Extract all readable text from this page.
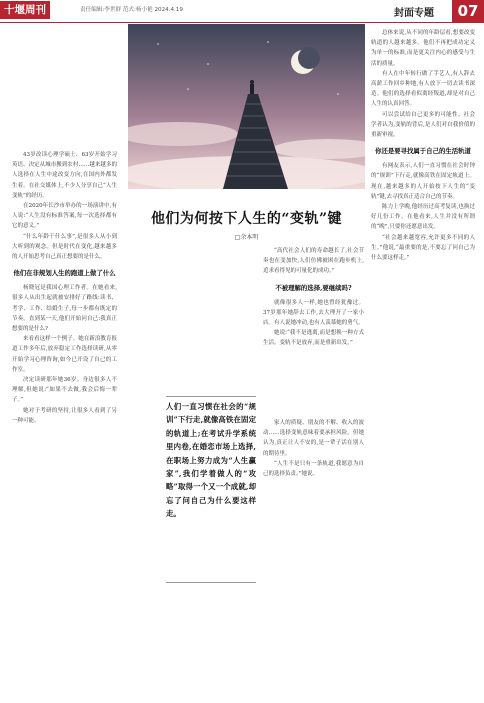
十堰周刊	责任编辑:李世群 范式:杨小艳 2024.4.19	封面专题	07
他们为何按下人生的“变轨”键
□余本明
人们一直习惯在社会的“规训”下行走,就像高铁在固定的轨道上;在考试升学系统里内卷,在婚恋市场上选择,在职场上努力成为“人生赢家”,我们学着做人的“攻略”取得一个又一个成就,却忘了问自己为什么要这样走。

43岁改读心理学硕士、63岁开始学习英语、决定从城市搬到农村……越来越多的人选择在人生中途改变方向,在国内外都发生着。在社交媒体上,不少人分享自己“人生变轨”的经历。

在2020年长沙市举办的一场演讲中,有人说:“人生没有标准答案,每一次选择都有它的意义。”

“什么年龄干什么事”,是很多人从小到大听到的观念。但是时代在变化,越来越多的人开始思考自己真正想要的是什么。

他们在非规划人生的跑道上做了什么

杨晓冠是我国心理工作者。在她看来,很多人从出生起就被安排好了路线:读书、考学、工作、结婚生子,每一步都有既定的节奏。直到某一天,他们开始问自己:我真正想要的是什么?

来看看这样一个例子。她在新浪教育报道工作多年后,放弃稳定工作选择读研,从零开始学习心理咨询,如今已开设了自己的工作室。

决定读研那年她36岁。身边很多人不理解,但她说:“如果不去做,我会后悔一辈子。”

她对于考研的坚持,让很多人看到了另一种可能。

“高代社会人们的寿命越长了,社会节奏也在变加快,人们仿佛被困在跑步机上,追求看得见的可量化的成功。”

不被理解的选择,要继续吗?

就像很多人一样,她也曾经犹豫过。37岁那年她辞去工作,去大理开了一家小店。有人说她冲动,也有人羡慕她的勇气。

她说:“我不是逃离,而是想换一种方式生活。变轨不是放弃,而是重新出发。”

家人的质疑、朋友的不解、收入的波动……选择变轨意味着要承担风险。但她认为,真正让人不安的,是一辈子活在别人的期待里。

“人生不是只有一条轨道,我愿意为自己的选择负责。”她说。

总体来说,从不同的年龄层看,想要改变轨道的人越来越多。他们不再把成功定义为单一的标准,而是更关注内心的感受与生活的质量。

有人在中年转行做了手艺人,有人辞去高薪工作回乡种地,有人放下一切去读书深造。他们的选择看似离经叛道,却是对自己人生的认真回答。

可以尝试给自己更多的可能性。社会学者认为,变轨的背后,是人们对自我价值的重新审视。

你还是要寻找属于自己的生活轨道

有网友表示,人们一直习惯在社会时钟的“规训”下行走,就像高铁在固定轨道上。现在,越来越多的人开始按下人生的“变轨”键,去寻找真正适合自己的节奏。

陈力上学晚,他经历过高考复读,也换过好几份工作。在他看来,人生并没有所谓的“晚”,只要你还愿意出发。

“社会越来越宽容,允许更多不同的人生。”他说,“最重要的是,不要忘了问自己为什么要这样走。”
